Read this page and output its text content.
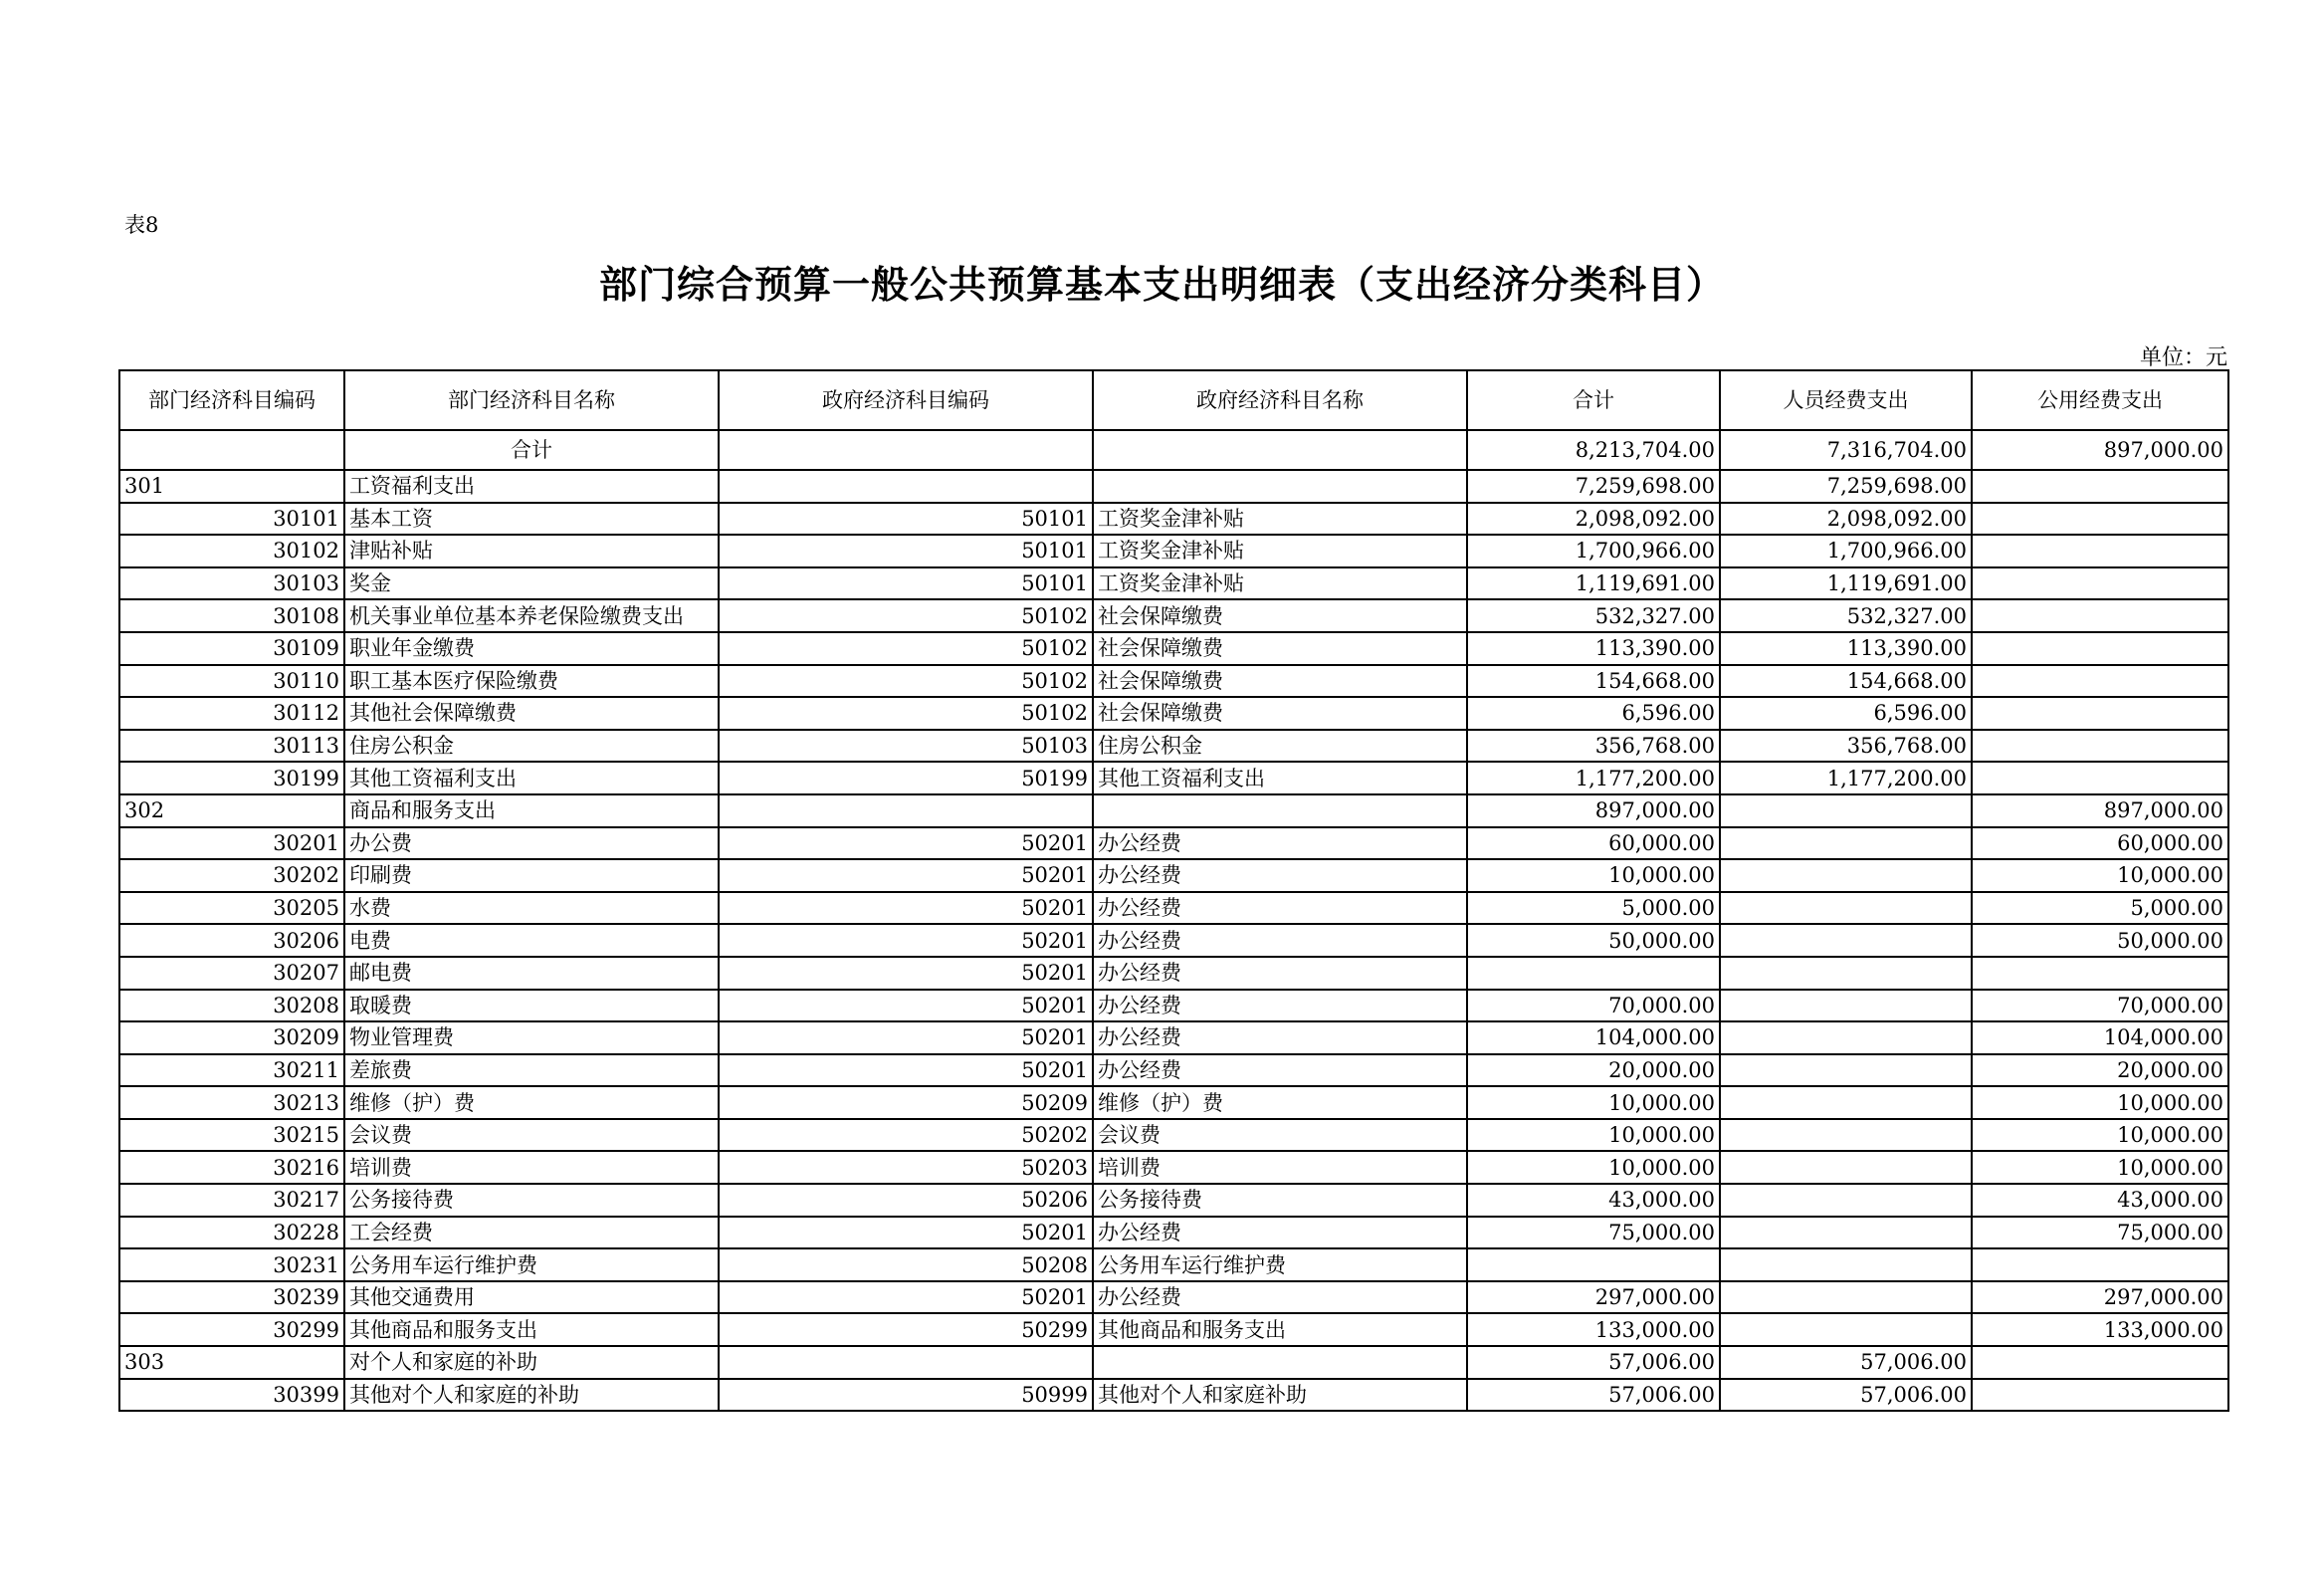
表8
部门综合预算一般公共预算基本支出明细表（支出经济分类科目）
单位：元
部门经济科目编码	部门经济科目名称	政府经济科目编码	政府经济科目名称	合计	人员经费支出	公用经费支出
	合计			8,213,704.00	7,316,704.00	897,000.00
301	工资福利支出			7,259,698.00	7,259,698.00	
30101	基本工资	50101	工资奖金津补贴	2,098,092.00	2,098,092.00	
30102	津贴补贴	50101	工资奖金津补贴	1,700,966.00	1,700,966.00	
30103	奖金	50101	工资奖金津补贴	1,119,691.00	1,119,691.00	
30108	机关事业单位基本养老保险缴费支出	50102	社会保障缴费	532,327.00	532,327.00	
30109	职业年金缴费	50102	社会保障缴费	113,390.00	113,390.00	
30110	职工基本医疗保险缴费	50102	社会保障缴费	154,668.00	154,668.00	
30112	其他社会保障缴费	50102	社会保障缴费	6,596.00	6,596.00	
30113	住房公积金	50103	住房公积金	356,768.00	356,768.00	
30199	其他工资福利支出	50199	其他工资福利支出	1,177,200.00	1,177,200.00	
302	商品和服务支出			897,000.00		897,000.00
30201	办公费	50201	办公经费	60,000.00		60,000.00
30202	印刷费	50201	办公经费	10,000.00		10,000.00
30205	水费	50201	办公经费	5,000.00		5,000.00
30206	电费	50201	办公经费	50,000.00		50,000.00
30207	邮电费	50201	办公经费			
30208	取暖费	50201	办公经费	70,000.00		70,000.00
30209	物业管理费	50201	办公经费	104,000.00		104,000.00
30211	差旅费	50201	办公经费	20,000.00		20,000.00
30213	维修（护）费	50209	维修（护）费	10,000.00		10,000.00
30215	会议费	50202	会议费	10,000.00		10,000.00
30216	培训费	50203	培训费	10,000.00		10,000.00
30217	公务接待费	50206	公务接待费	43,000.00		43,000.00
30228	工会经费	50201	办公经费	75,000.00		75,000.00
30231	公务用车运行维护费	50208	公务用车运行维护费			
30239	其他交通费用	50201	办公经费	297,000.00		297,000.00
30299	其他商品和服务支出	50299	其他商品和服务支出	133,000.00		133,000.00
303	对个人和家庭的补助			57,006.00	57,006.00	
30399	其他对个人和家庭的补助	50999	其他对个人和家庭补助	57,006.00	57,006.00	
